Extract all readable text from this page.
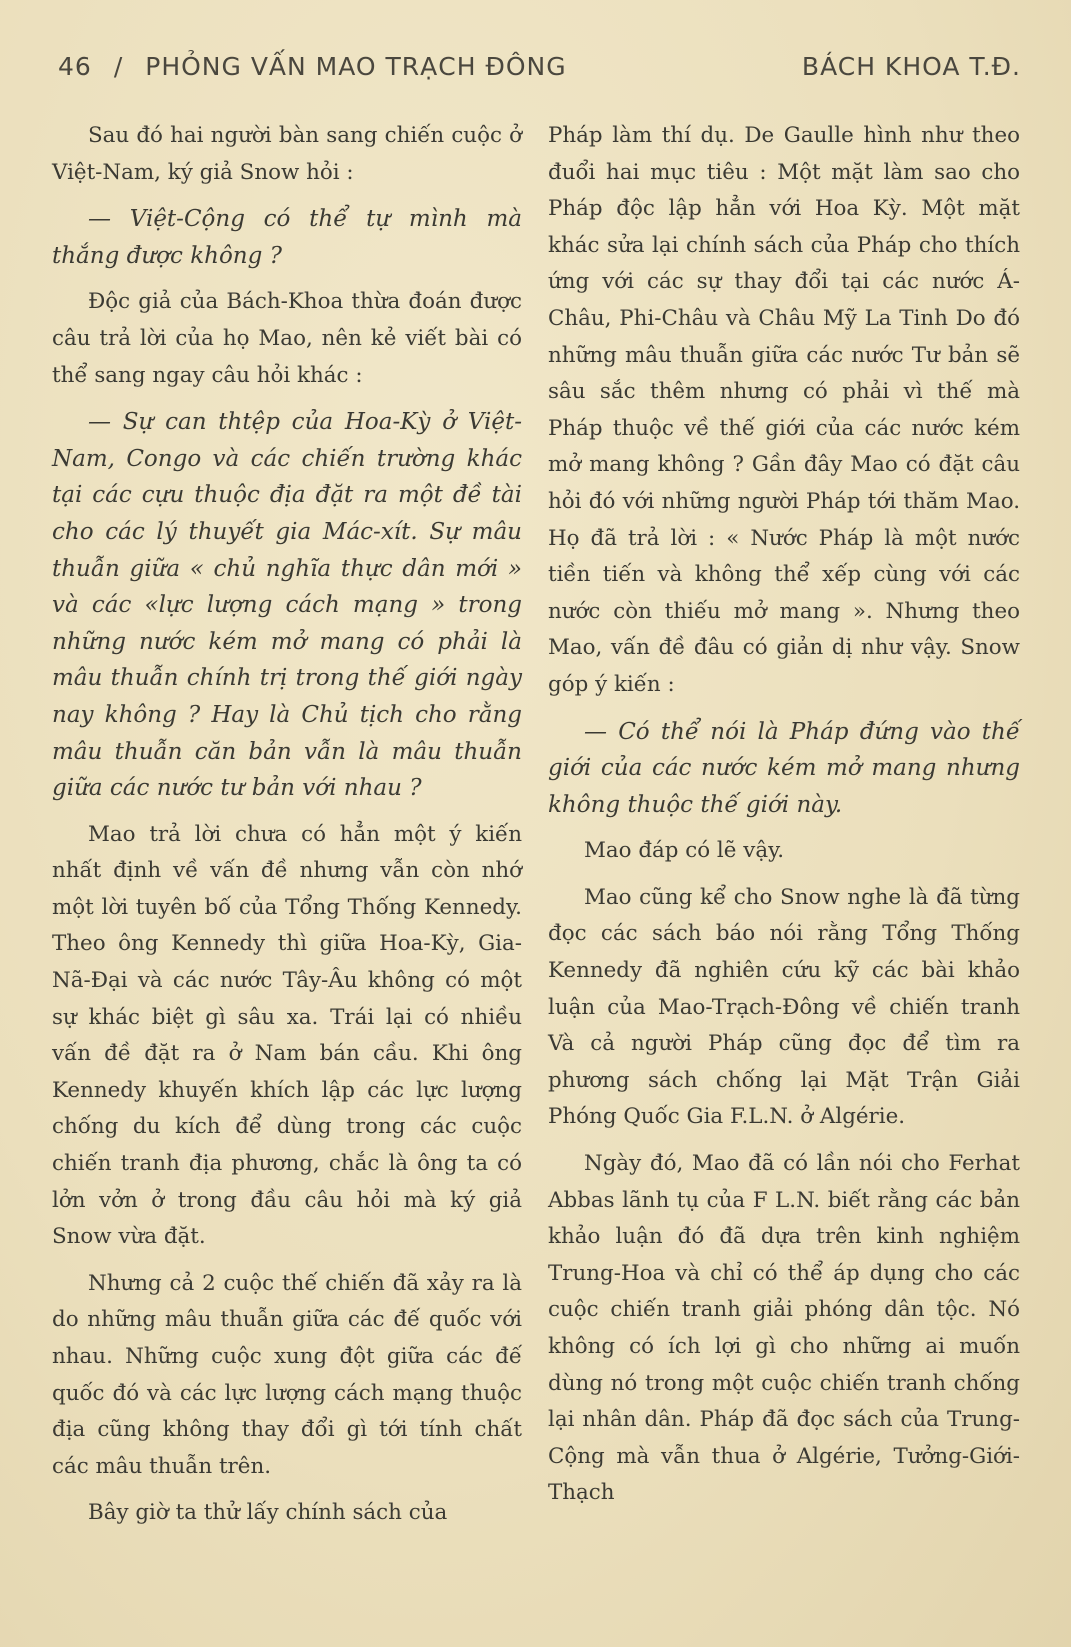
46 / PHỎNG VẤN MAO TRẠCH ĐÔNG	BÁCH KHOA T.Đ.

Sau đó hai người bàn sang chiến cuộc ở Việt-Nam, ký giả Snow hỏi :

— Việt-Cộng có thể tự mình mà thắng được không ?

Độc giả của Bách-Khoa thừa đoán được câu trả lời của họ Mao, nên kẻ viết bài có thể sang ngay câu hỏi khác :

— Sự can thtệp của Hoa-Kỳ ở Việt-Nam, Congo và các chiến trường khác tại các cựu thuộc địa đặt ra một đề tài cho các lý thuyết gia Mác-xít. Sự mâu thuẫn giữa « chủ nghĩa thực dân mới » và các «lực lượng cách mạng » trong những nước kém mở mang có phải là mâu thuẫn chính trị trong thế giới ngày nay không ? Hay là Chủ tịch cho rằng mâu thuẫn căn bản vẫn là mâu thuẫn giữa các nước tư bản với nhau ?

Mao trả lời chưa có hẳn một ý kiến nhất định về vấn đề nhưng vẫn còn nhớ một lời tuyên bố của Tổng Thống Kennedy. Theo ông Kennedy thì giữa Hoa-Kỳ, Gia-Nã-Đại và các nước Tây-Âu không có một sự khác biệt gì sâu xa. Trái lại có nhiều vấn đề đặt ra ở Nam bán cầu. Khi ông Kennedy khuyến khích lập các lực lượng chống du kích để dùng trong các cuộc chiến tranh địa phương, chắc là ông ta có lởn vởn ở trong đầu câu hỏi mà ký giả Snow vừa đặt.

Nhưng cả 2 cuộc thế chiến đã xảy ra là do những mâu thuẫn giữa các đế quốc với nhau. Những cuộc xung đột giữa các đế quốc đó và các lực lượng cách mạng thuộc địa cũng không thay đổi gì tới tính chất các mâu thuẫn trên.

Bây giờ ta thử lấy chính sách của

Pháp làm thí dụ. De Gaulle hình như theo đuổi hai mục tiêu : Một mặt làm sao cho Pháp độc lập hẳn với Hoa Kỳ. Một mặt khác sửa lại chính sách của Pháp cho thích ứng với các sự thay đổi tại các nước Á-Châu, Phi-Châu và Châu Mỹ La Tinh Do đó những mâu thuẫn giữa các nước Tư bản sẽ sâu sắc thêm nhưng có phải vì thế mà Pháp thuộc về thế giới của các nước kém mở mang không ? Gần đây Mao có đặt câu hỏi đó với những người Pháp tới thăm Mao. Họ đã trả lời : « Nước Pháp là một nước tiền tiến và không thể xếp cùng với các nước còn thiếu mở mang ». Nhưng theo Mao, vấn đề đâu có giản dị như vậy. Snow góp ý kiến :

— Có thể nói là Pháp đứng vào thế giới của các nước kém mở mang nhưng không thuộc thế giới này.

Mao đáp có lẽ vậy.

Mao cũng kể cho Snow nghe là đã từng đọc các sách báo nói rằng Tổng Thống Kennedy đã nghiên cứu kỹ các bài khảo luận của Mao-Trạch-Đông về chiến tranh Và cả người Pháp cũng đọc để tìm ra phương sách chống lại Mặt Trận Giải Phóng Quốc Gia F.L.N. ở Algérie.

Ngày đó, Mao đã có lần nói cho Ferhat Abbas lãnh tụ của F L.N. biết rằng các bản khảo luận đó đã dựa trên kinh nghiệm Trung-Hoa và chỉ có thể áp dụng cho các cuộc chiến tranh giải phóng dân tộc. Nó không có ích lợi gì cho những ai muốn dùng nó trong một cuộc chiến tranh chống lại nhân dân. Pháp đã đọc sách của Trung-Cộng mà vẫn thua ở Algérie, Tưởng-Giới-Thạch
